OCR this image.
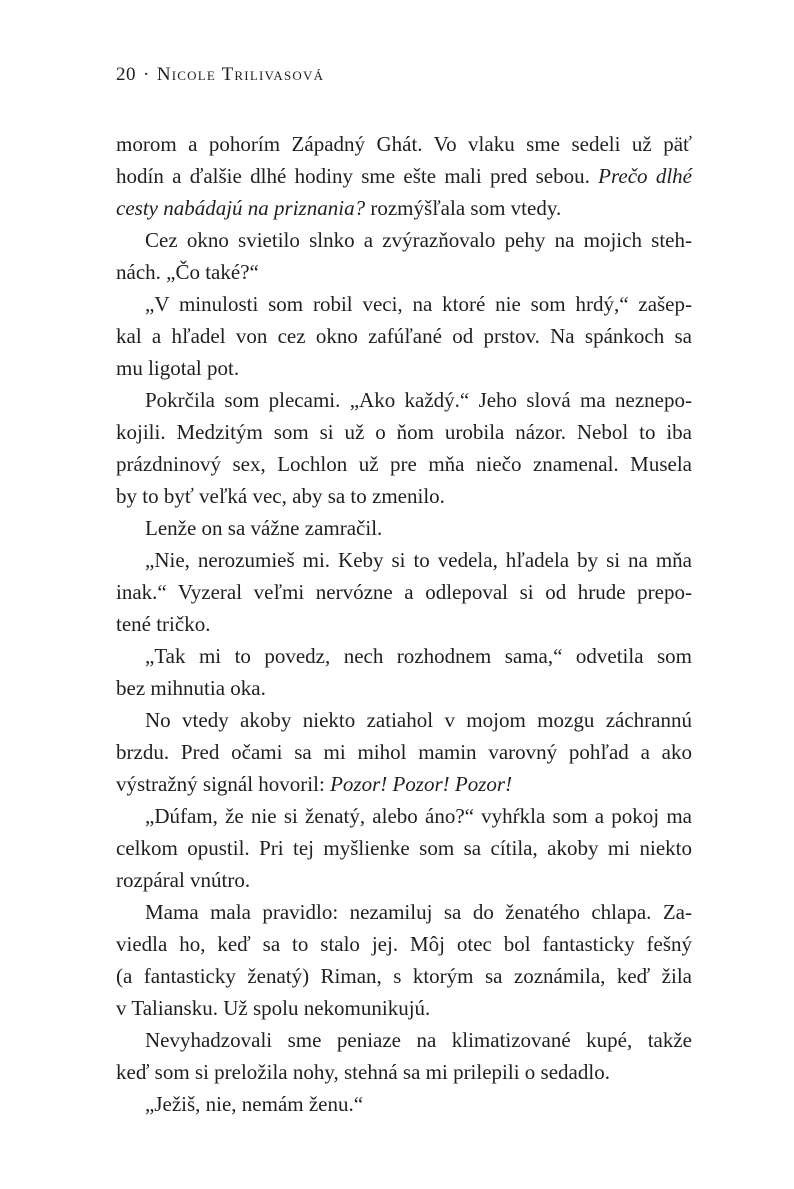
20 · Nicole Trilivasová
morom a pohorím Západný Ghát. Vo vlaku sme sedeli už päť
hodín a ďalšie dlhé hodiny sme ešte mali pred sebou. Prečo dlhé
cesty nabádajú na priznania? rozmýšľala som vtedy.
Cez okno svietilo slnko a zvýrazňovalo pehy na mojich steh-
nách. „Čo také?“
„V minulosti som robil veci, na ktoré nie som hrdý,“ zašep-
kal a hľadel von cez okno zafúľané od prstov. Na spánkoch sa
mu ligotal pot.
Pokrčila som plecami. „Ako každý.“ Jeho slová ma neznepo-
kojili. Medzitým som si už o ňom urobila názor. Nebol to iba
prázdninový sex, Lochlon už pre mňa niečo znamenal. Musela
by to byť veľká vec, aby sa to zmenilo.
Lenže on sa vážne zamračil.
„Nie, nerozumieš mi. Keby si to vedela, hľadela by si na mňa
inak.“ Vyzeral veľmi nervózne a odlepoval si od hrude prepo-
tené tričko.
„Tak mi to povedz, nech rozhodnem sama,“ odvetila som
bez mihnutia oka.
No vtedy akoby niekto zatiahol v mojom mozgu záchrannú
brzdu. Pred očami sa mi mihol mamin varovný pohľad a ako
výstražný signál hovoril: Pozor! Pozor! Pozor!
„Dúfam, že nie si ženatý, alebo áno?“ vyhŕkla som a pokoj ma
celkom opustil. Pri tej myšlienke som sa cítila, akoby mi niekto
rozpáral vnútro.
Mama mala pravidlo: nezamiluj sa do ženatého chlapa. Za-
viedla ho, keď sa to stalo jej. Môj otec bol fantasticky fešný
(a fantasticky ženatý) Riman, s ktorým sa zoznámila, keď žila
v Taliansku. Už spolu nekomunikujú.
Nevyhadzovali sme peniaze na klimatizované kupé, takže
keď som si preložila nohy, stehná sa mi prilepili o sedadlo.
„Ježiš, nie, nemám ženu.“
